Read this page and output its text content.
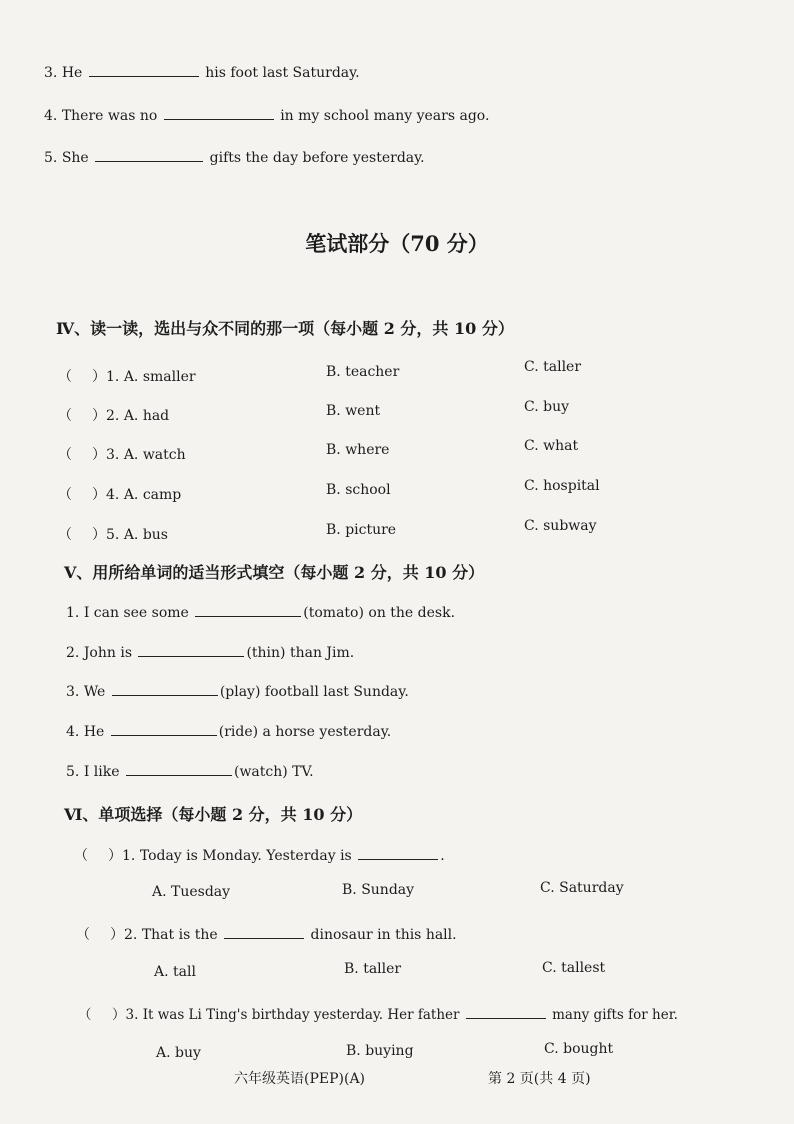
3. He	his foot last Saturday.
4. There was no	in my school many years ago.
5. She	gifts the day before yesterday.
笔试部分（70 分）
Ⅳ、读一读，选出与众不同的那一项（每小题 2 分，共 10 分）
（ ）1. A. smaller	B. teacher	C. taller
（ ）2. A. had	B. went	C. buy
（ ）3. A. watch	B. where	C. what
（ ）4. A. camp	B. school	C. hospital
（ ）5. A. bus	B. picture	C. subway
Ⅴ、用所给单词的适当形式填空（每小题 2 分，共 10 分）
1. I can see some	(tomato) on the desk.
2. John is	(thin) than Jim.
3. We	(play) football last Sunday.
4. He	(ride) a horse yesterday.
5. I like	(watch) TV.
Ⅵ、单项选择（每小题 2 分，共 10 分）
（ ）1. Today is Monday. Yesterday is	.
A. Tuesday	B. Sunday	C. Saturday
（ ）2. That is the	dinosaur in this hall.
A. tall	B. taller	C. tallest
（ ）3. It was Li Ting's birthday yesterday. Her father	many gifts for her.
A. buy	B. buying	C. bought
六年级英语(PEP)(A)	第 2 页(共 4 页)
